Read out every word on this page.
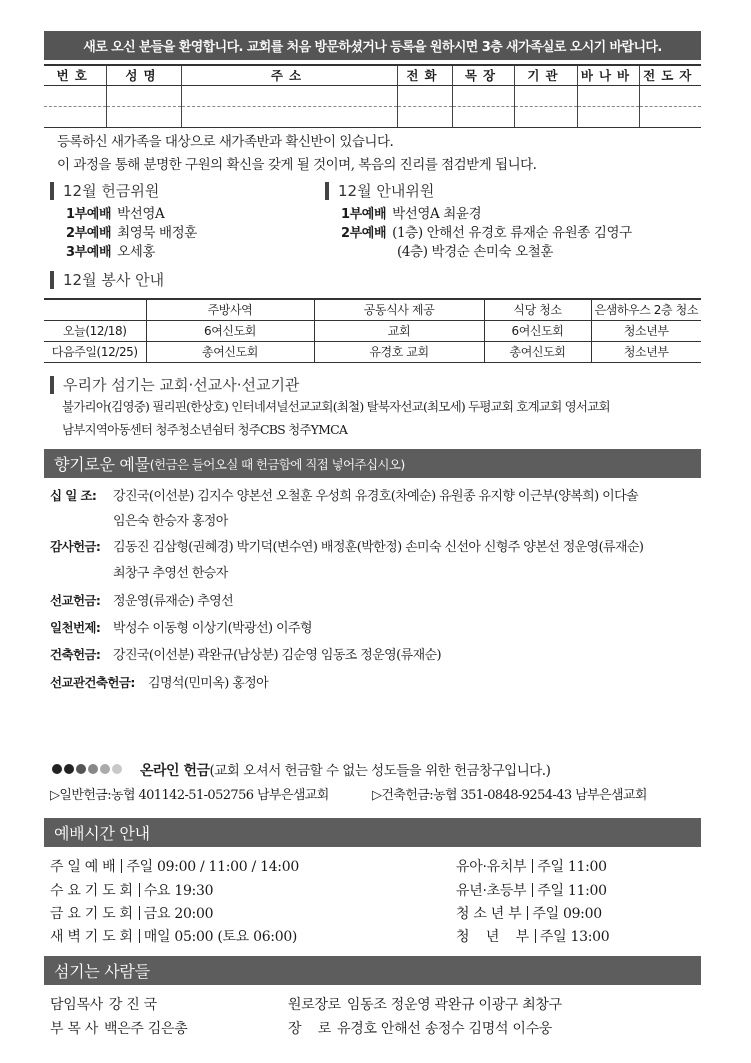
새로 오신 분들을 환영합니다. 교회를 처음 방문하셨거나 등록을 원하시면 3층 새가족실로 오시기 바랍니다.
번호	성명	주소	전화	목장	기관	바나바	전도자

등록하신 새가족을 대상으로 새가족반과 확신반이 있습니다.
이 과정을 통해 분명한 구원의 확신을 갖게 될 것이며, 복음의 진리를 점검받게 됩니다.
12월 헌금위원
1부예배 박선영A
2부예배 최영묵 배정훈
3부예배 오세홍
12월 안내위원
1부예배 박선영A 최윤경
2부예배 (1층) 안해선 유경호 류재순 유원종 김영구
(4층) 박경순 손미숙 오철훈
12월 봉사 안내
	주방사역	공동식사 제공	식당 청소	은샘하우스 2층 청소
오늘(12/18)	6여신도회	교회	6여신도회	청소년부
다음주일(12/25)	총여신도회	유경호 교회	총여신도회	청소년부
우리가 섬기는 교회·선교사·선교기관
불가리아(김영중) 필리핀(한상호) 인터네셔널선교교회(최철) 탈북자선교(최모세) 두평교회 호계교회 영서교회
남부지역아동센터 청주청소년쉼터 청주CBS 청주YMCA
향기로운 예물 (헌금은 들어오실 때 헌금함에 직접 넣어주십시오)
십 일 조: 강진국(이선분) 김지수 양본선 오철훈 우성희 유경호(차예순) 유원종 유지향 이근부(양복희) 이다솔
임은숙 한승자 홍정아
감사헌금: 김동진 김삼형(권혜경) 박기덕(변수연) 배정훈(박한정) 손미숙 신선아 신형주 양본선 정운영(류재순)
최창구 추영선 한승자
선교헌금: 정운영(류재순) 추영선
일천번제: 박성수 이동형 이상기(박광선) 이주형
건축헌금: 강진국(이선분) 곽완규(남상분) 김순영 임동조 정운영(류재순)
선교관건축헌금: 김명석(민미옥) 홍정아
온라인 헌금(교회 오셔서 헌금할 수 없는 성도들을 위한 헌금창구입니다.)
▷일반헌금:농협 401142-51-052756 남부은샘교회	▷건축헌금:농협 351-0848-9254-43 남부은샘교회
예배시간 안내
주 일 예 배 주일 09:00 / 11:00 / 14:00
수 요 기 도 회 수요 19:30
금 요 기 도 회 금요 20:00
새 벽 기 도 회 매일 05:00 (토요 06:00)
유아·유치부 주일 11:00
유년·초등부 주일 11:00
청 소 년 부 주일 09:00
청    년    부 주일 13:00
섬기는 사람들
담임목사 강 진 국
부 목 사 백은주 김은총
원로장로 임동조 정운영 곽완규 이광구 최창구
장    로 유경호 안해선 송정수 김명석 이수웅
